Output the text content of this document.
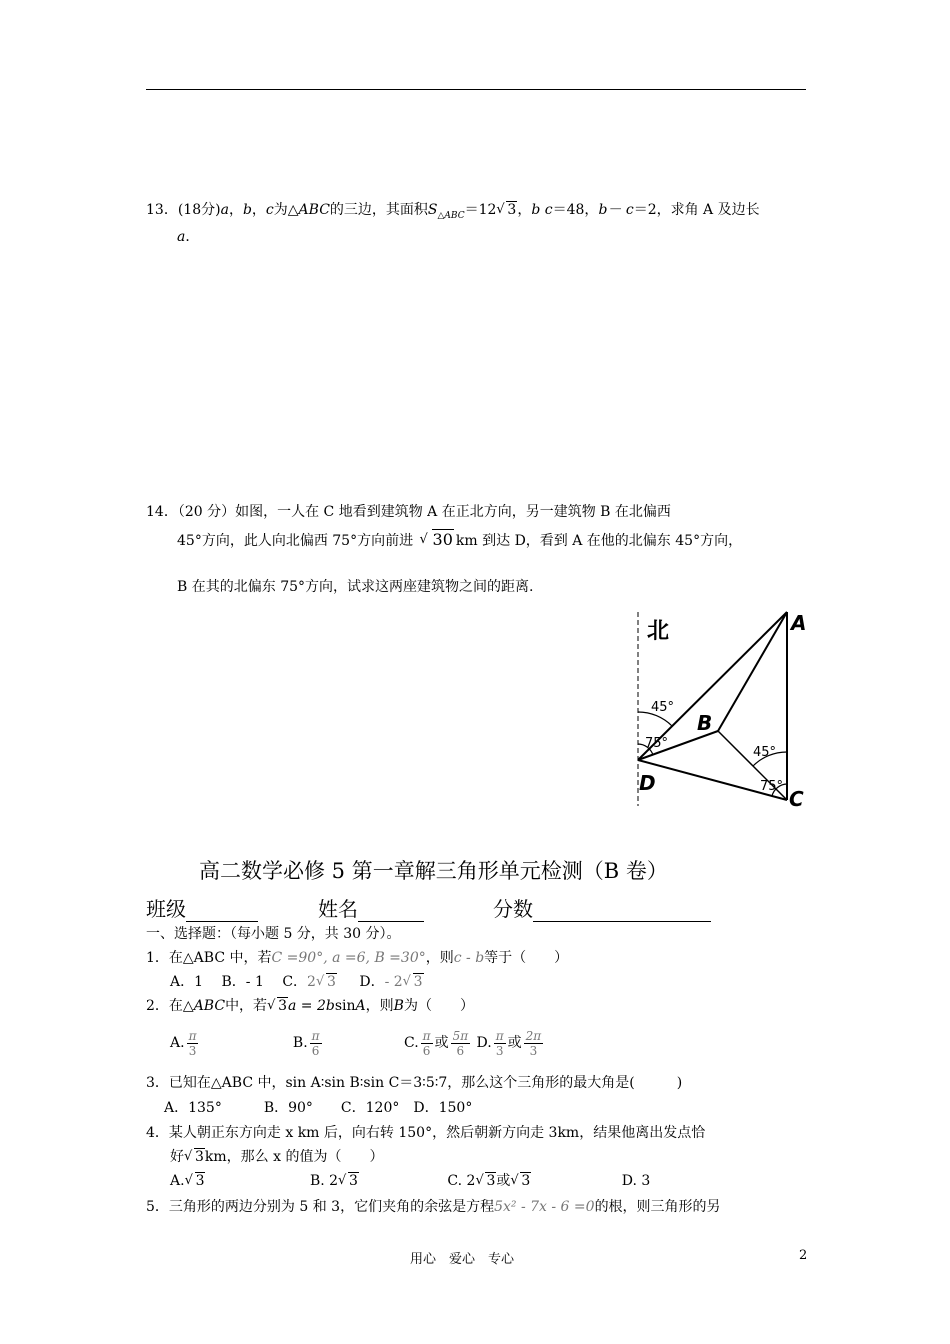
13．(18分)a，b，c为△ABC的三边，其面积$S_{\triangle ABC}=12√$ 3，b c＝48，b－ c＝2，求角 A 及边长
a．
14．（20 分）如图，一人在 C 地看到建筑物 A 在正北方向，另一建筑物 B 在北偏西
45°方向，此人向北偏西 75°方向前进 √ 30 km 到达 D，看到 A 在他的北偏东 45°方向，
B 在其的北偏东 75°方向，试求这两座建筑物之间的距离.
北	A
B
C
D
45°
75°
45°
75°
高二数学必修 5 第一章解三角形单元检测（B 卷）
班级	姓名	分数
一、选择题：（每小题 5 分，共 30 分）。
1．在△ABC 中，若C =90°, a =6, B =30°，则c - b等于（　　）
A．1 B．- 1 C．2√ 3 D．- 2√ 3
2．在△ABC中，若√ 3a = 2bsinA，则B为（　　）
A. $\frac{\pi}{3}$	B. $\frac{\pi}{6}$	C. $\frac{\pi}{6}$ 或 $\frac{5\pi}{6} D$. $\frac{\pi}{3}$ 或 $\frac{2\pi}{3}$
3．已知在△ABC 中，sin A∶sin B∶sin C＝3∶5∶7，那么这个三角形的最大角是(　　　)
A．135°　　　B．90°　　C．120°　D．150°
4．某人朝正东方向走 x km 后，向右转 150°，然后朝新方向走 3km，结果他离出发点恰
好√ 3km，那么 x 的值为（　　）
A.√ 3	B. 2√ 3	C. 2√ 3或√ 3	D. 3
5．三角形的两边分别为 5 和 3，它们夹角的余弦是方程5x² - 7x - 6 =0的根，则三角形的另
用心　爱心　专心	2
